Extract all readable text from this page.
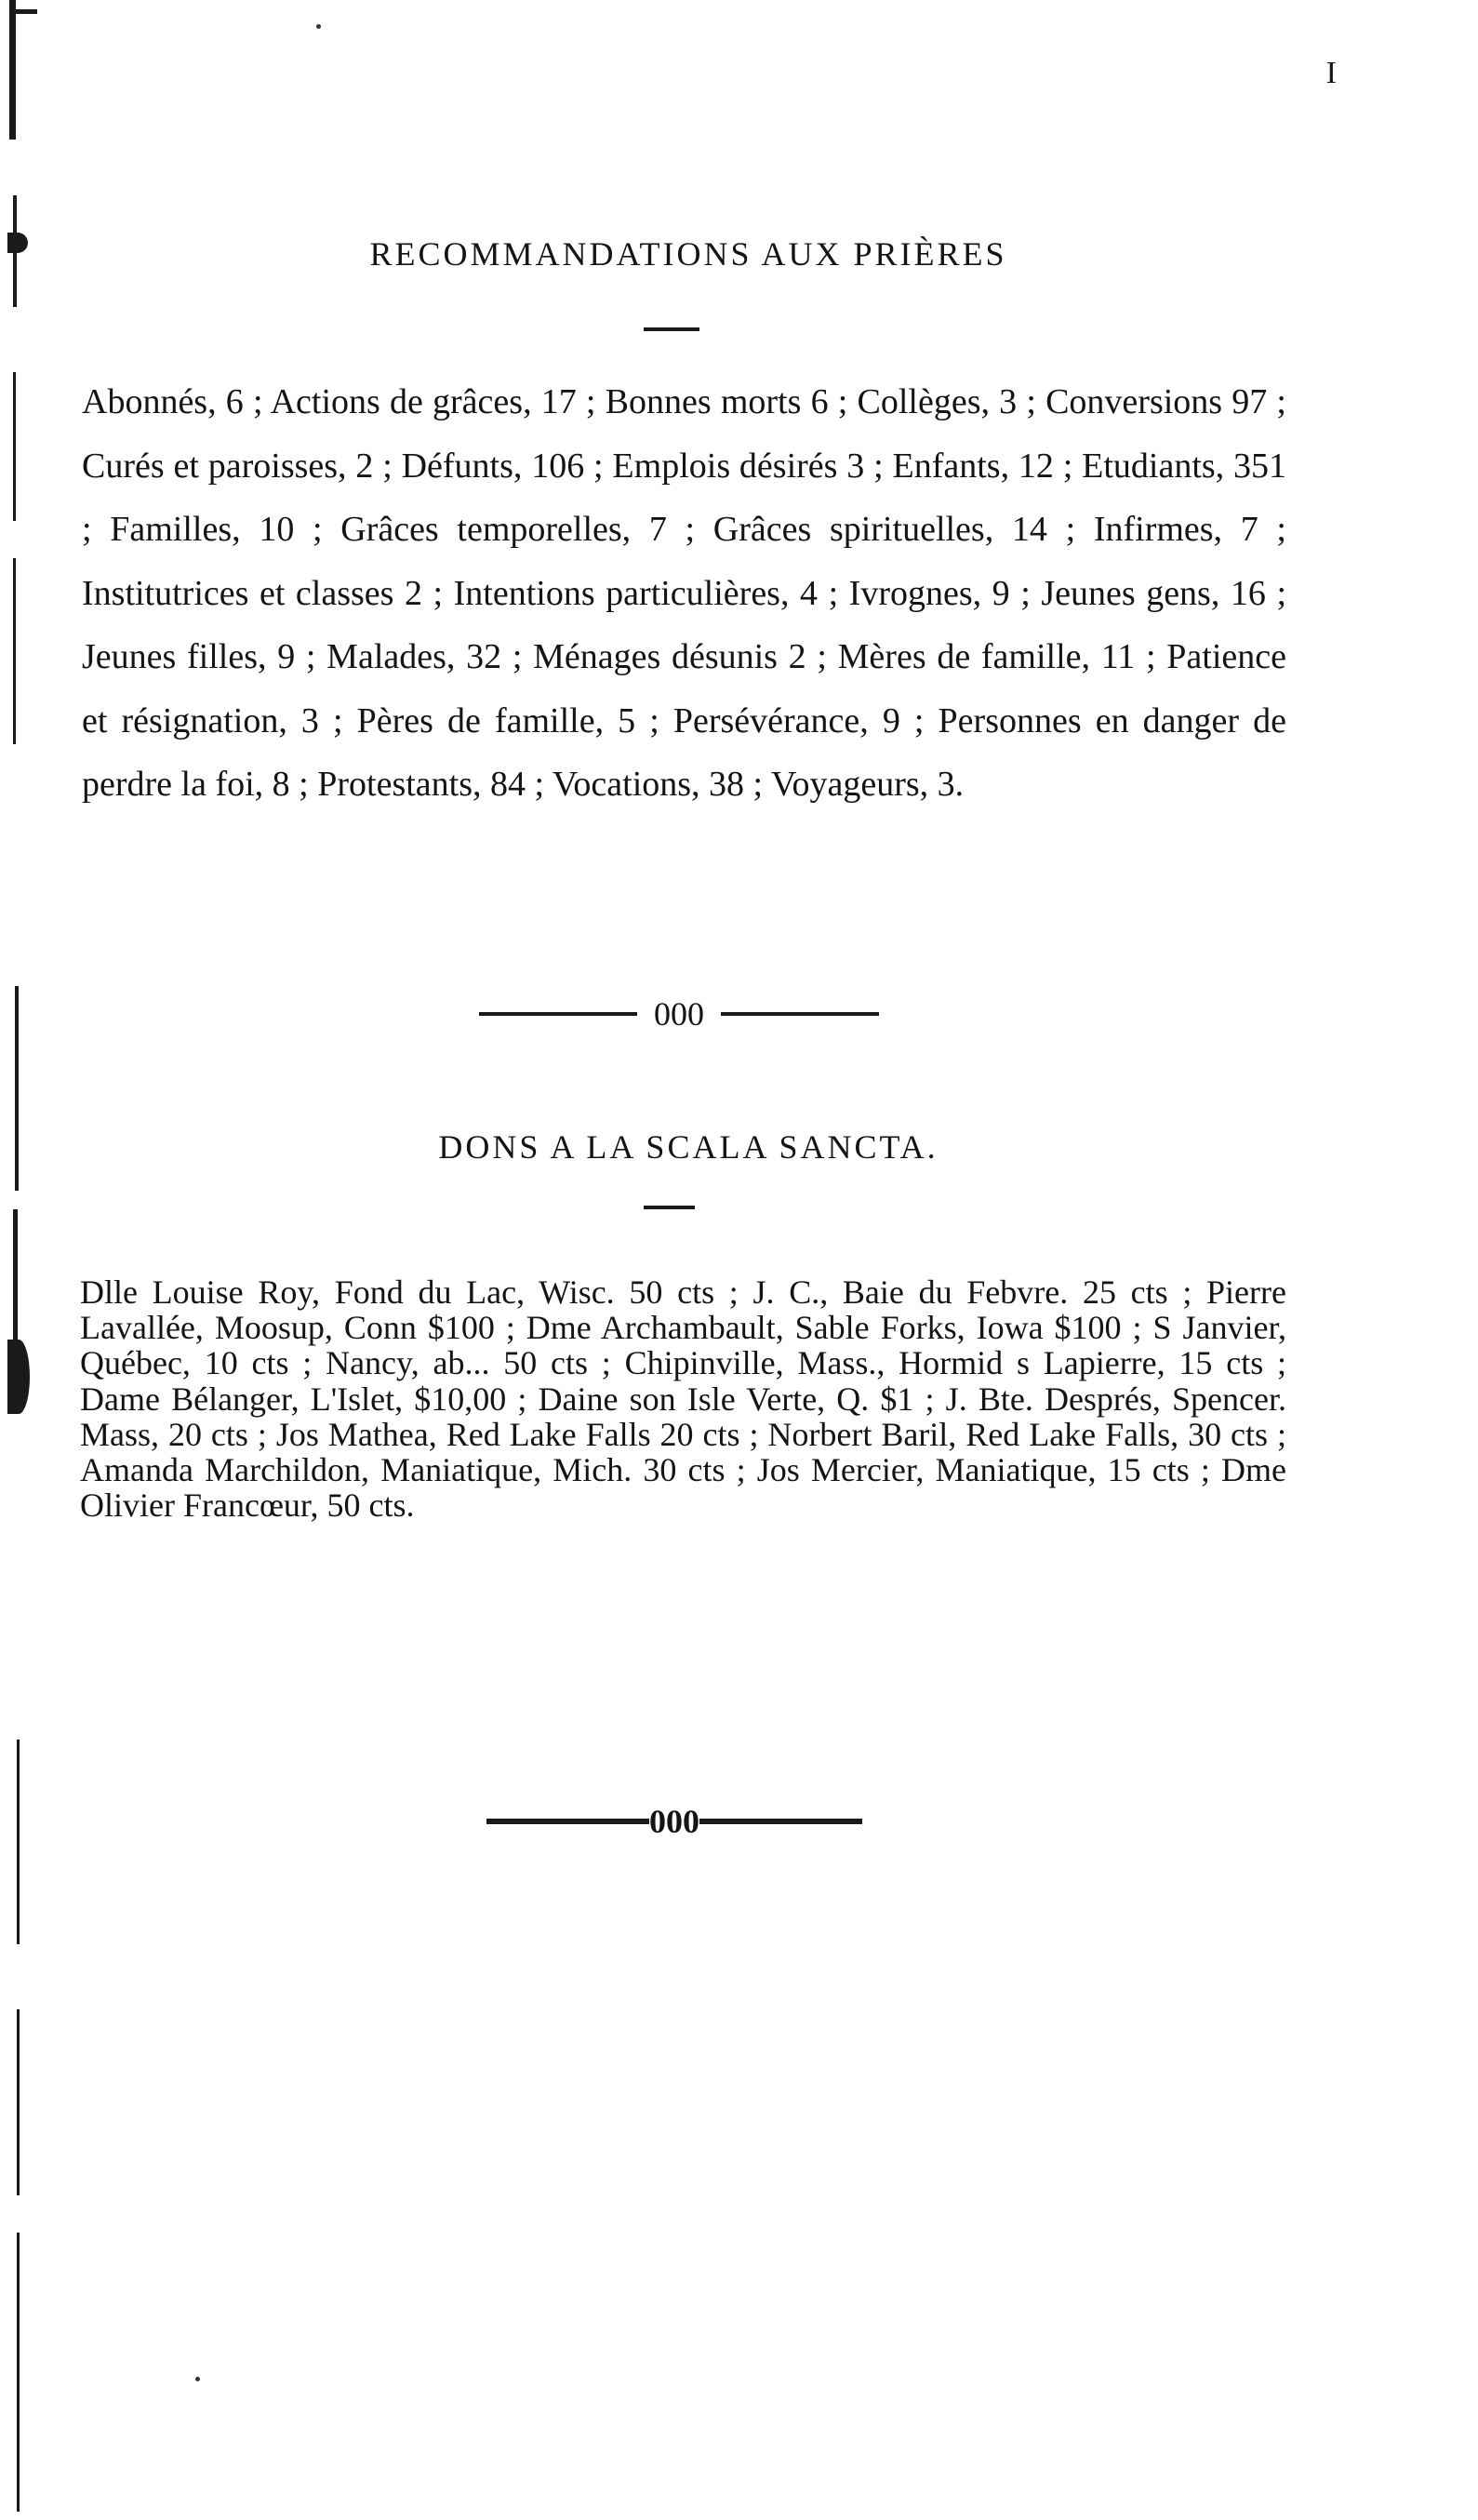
I
RECOMMANDATIONS AUX PRIÈRES

Abonnés, 6 ; Actions de grâces, 17 ; Bonnes morts 6 ; Collèges, 3 ; Conversions 97 ; Curés et paroisses, 2 ; Défunts, 106 ; Emplois désirés 3 ; Enfants, 12 ; Etudiants, 351 ; Familles, 10 ; Grâces temporelles, 7 ; Grâces spirituelles, 14 ; Infirmes, 7 ; Institutrices et classes 2 ; Intentions particulières, 4 ; Ivrognes, 9 ; Jeunes gens, 16 ; Jeunes filles, 9 ; Malades, 32 ; Ménages désunis 2 ; Mères de famille, 11 ; Patience et résignation, 3 ; Pères de famille, 5 ; Persévérance, 9 ; Personnes en danger de perdre la foi, 8 ; Protestants, 84 ; Vocations, 38 ; Voyageurs, 3.

000
DONS A LA SCALA SANCTA.

Dlle Louise Roy, Fond du Lac, Wisc. 50 cts ; J. C., Baie du Febvre. 25 cts ; Pierre Lavallée, Moosup, Conn $100 ; Dme Archambault, Sable Forks, Iowa $100 ; S Janvier, Québec, 10 cts ; Nancy, ab... 50 cts ; Chipinville, Mass., Hormid s Lapierre, 15 cts ; Dame Bélanger, L'Islet, $10,00 ; Daine son Isle Verte, Q. $1 ; J. Bte. Després, Spencer. Mass, 20 cts ; Jos Mathea, Red Lake Falls 20 cts ; Norbert Baril, Red Lake Falls, 30 cts ; Amanda Marchildon, Maniatique, Mich. 30 cts ; Jos Mercier, Maniatique, 15 cts ; Dme Olivier Francœur, 50 cts.

000
